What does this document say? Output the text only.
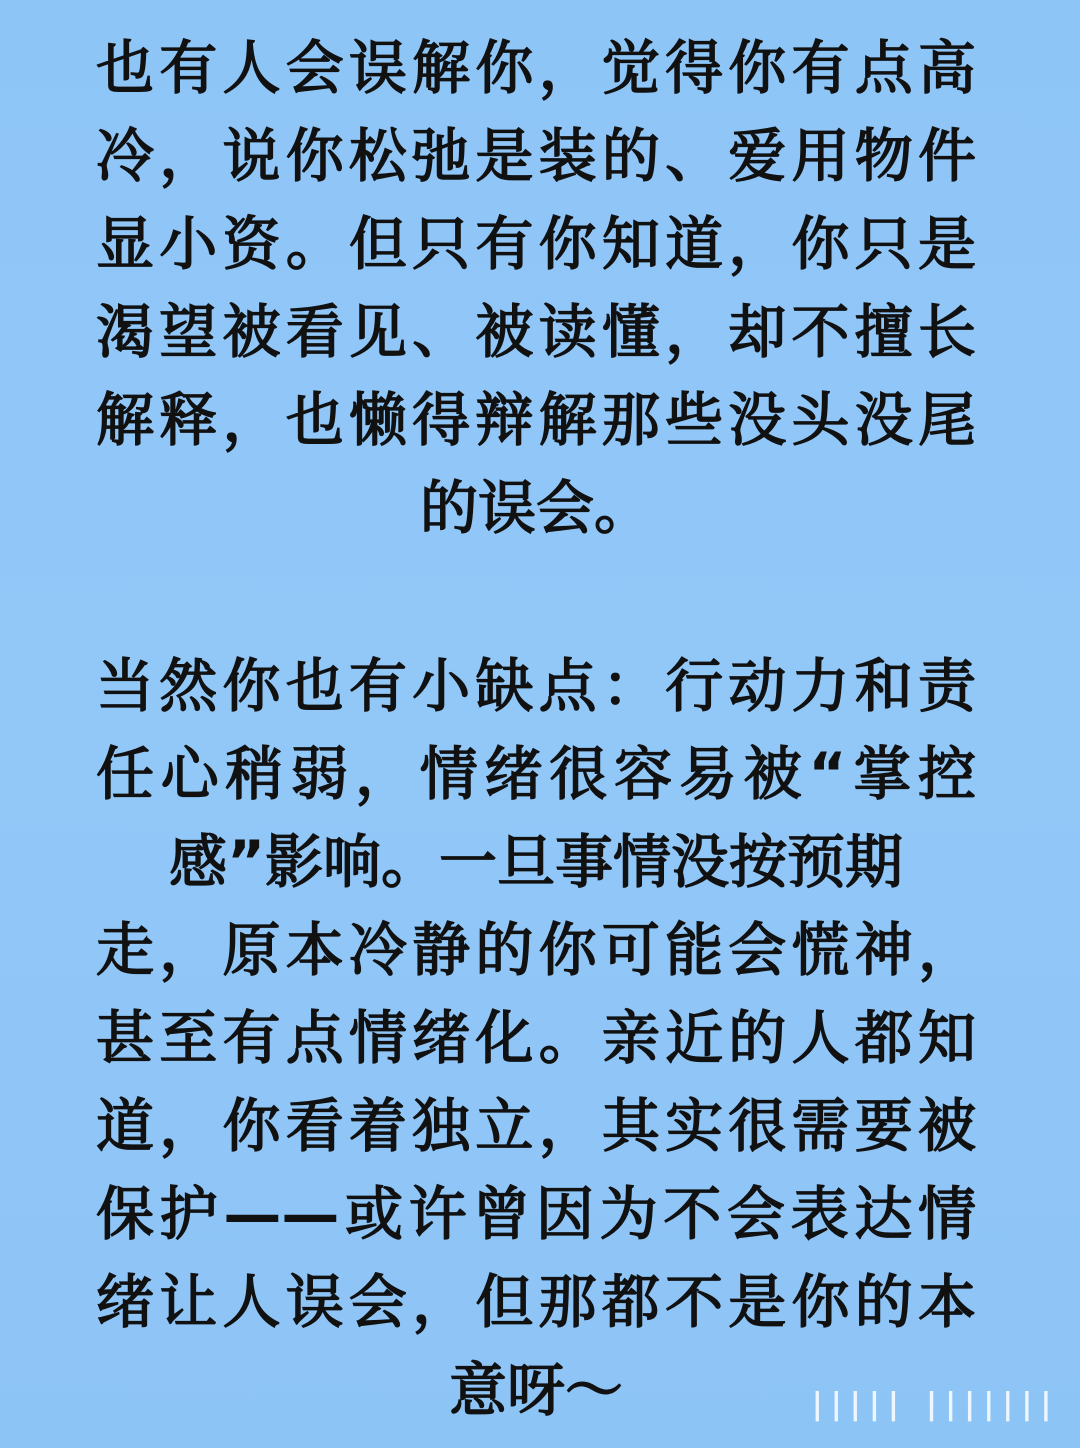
也有人会误解你，觉得你有点高
冷，说你松弛是装的、爱用物件
显小资。但只有你知道，你只是
渴望被看见、被读懂，却不擅长
解释，也懒得辩解那些没头没尾
的误会。
当然你也有小缺点：行动力和责
任心稍弱，情绪很容易被“掌控
感”影响。一旦事情没按预期
走，原本冷静的你可能会慌神，
甚至有点情绪化。亲近的人都知
道，你看着独立，其实很需要被
保护——或许曾因为不会表达情
绪让人误会，但那都不是你的本
意呀～	||||| |||||||
